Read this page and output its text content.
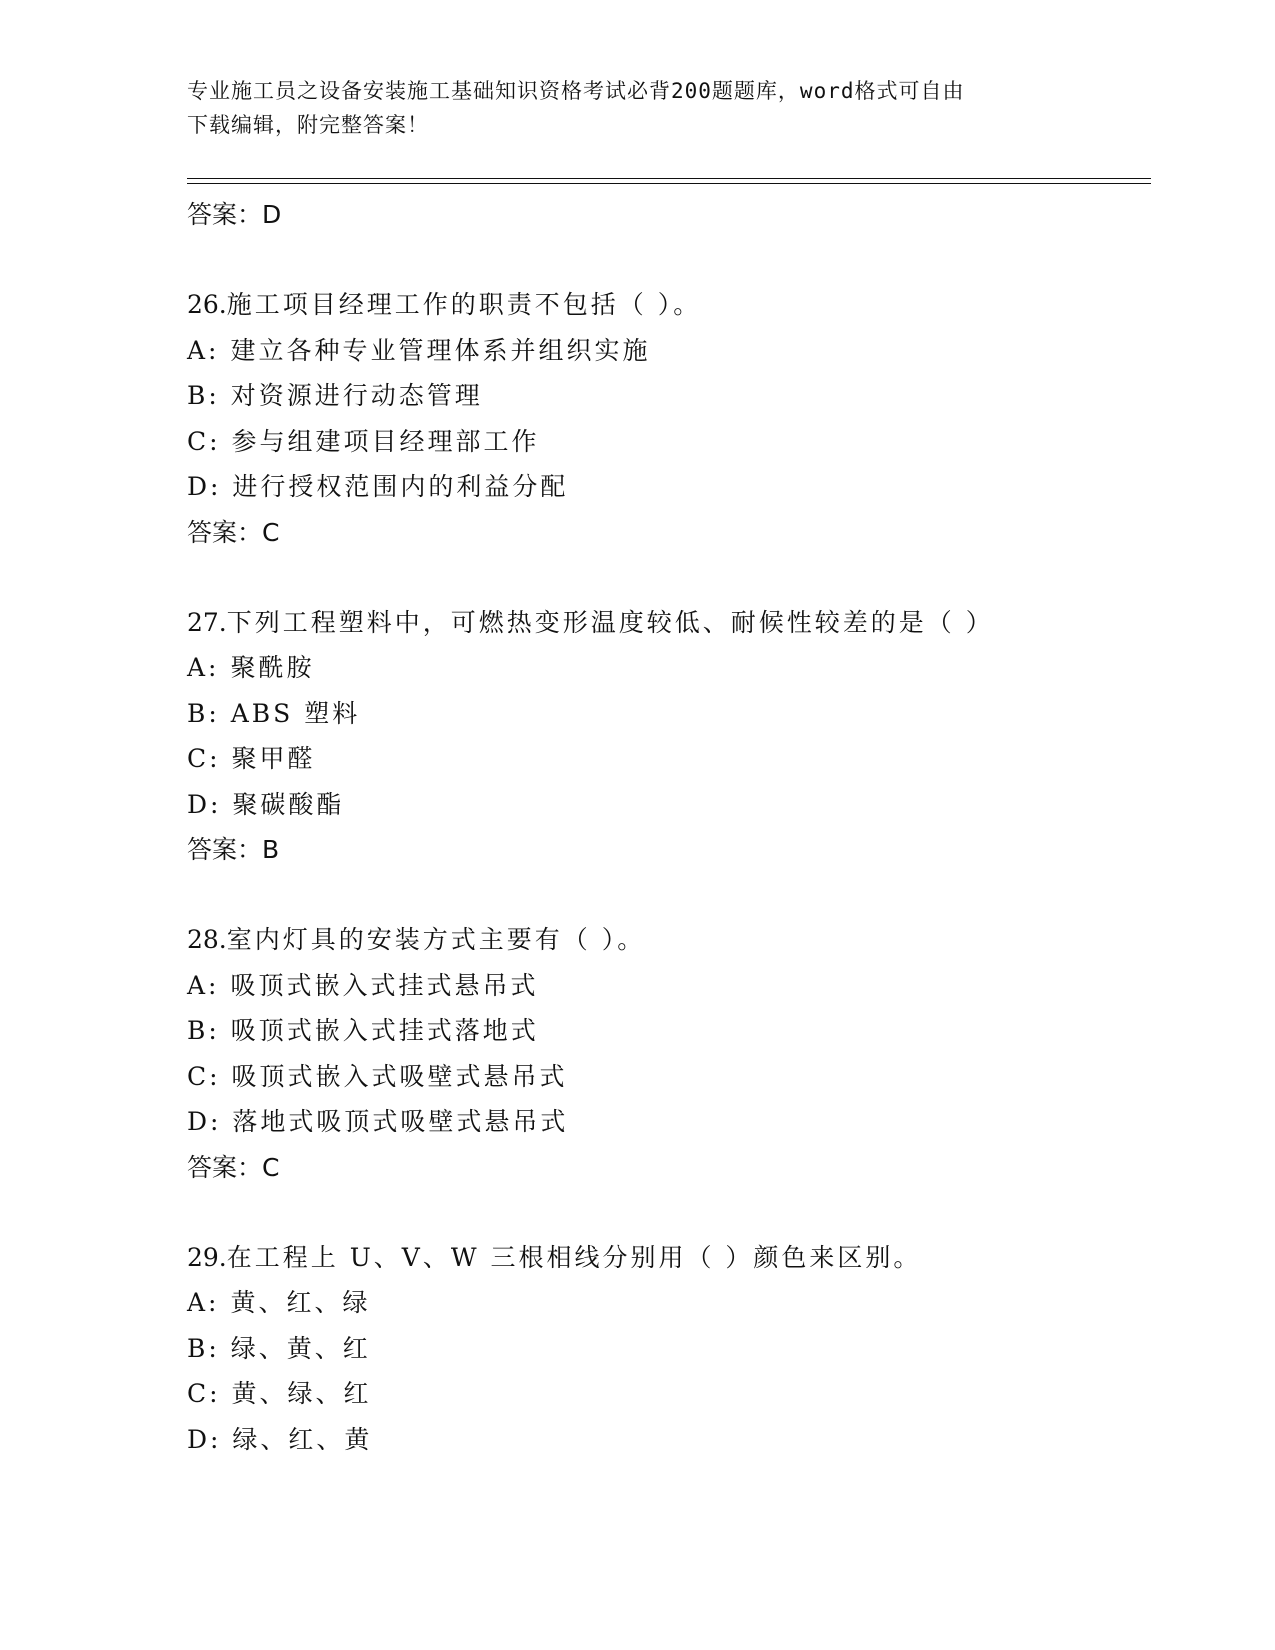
专业施工员之设备安装施工基础知识资格考试必背200题题库，word格式可自由
下载编辑，附完整答案！
答案：D
26.施工项目经理工作的职责不包括（ ）。
A: 建立各种专业管理体系并组织实施
B: 对资源进行动态管理
C: 参与组建项目经理部工作
D: 进行授权范围内的利益分配
答案：C
27.下列工程塑料中，可燃热变形温度较低、耐候性较差的是（ ）
A: 聚酰胺
B: ABS 塑料
C: 聚甲醛
D: 聚碳酸酯
答案：B
28.室内灯具的安装方式主要有（ ）。
A: 吸顶式嵌入式挂式悬吊式
B: 吸顶式嵌入式挂式落地式
C: 吸顶式嵌入式吸壁式悬吊式
D: 落地式吸顶式吸壁式悬吊式
答案：C
29.在工程上 U、V、W 三根相线分别用（ ）颜色来区别。
A: 黄、红、绿
B: 绿、黄、红
C: 黄、绿、红
D: 绿、红、黄
